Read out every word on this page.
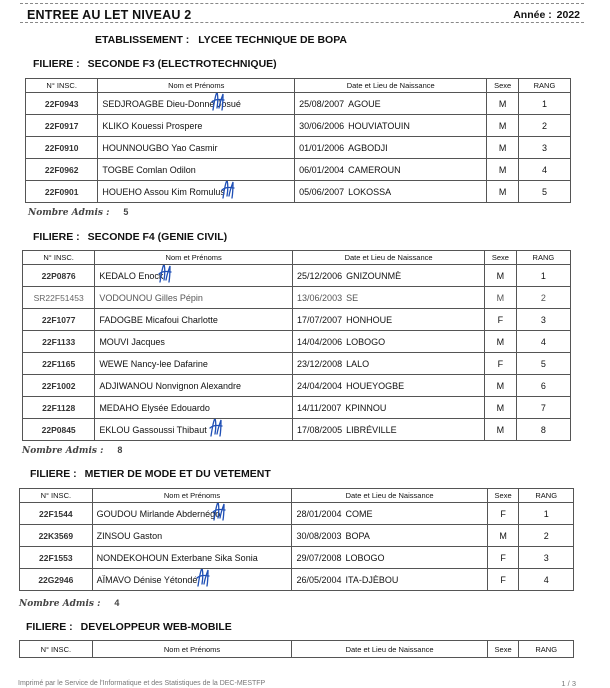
ENTREE AU LET NIVEAU 2	Année : 2022
ETABLISSEMENT : LYCEE TECHNIQUE DE BOPA
FILIERE : SECONDE F3 (ELECTROTECHNIQUE)
N° INSC.	Nom et Prénoms	Date et Lieu de Naissance	Sexe	RANG
22F0943	SEDJROAGBE Dieu-Donné Josué	25/08/2007 AGOUE	M	1
22F0917	KLIKO Kouessi Prospere	30/06/2006 HOUVIATOUIN	M	2
22F0910	HOUNNOUGBO Yao Casmir	01/01/2006 AGBODJI	M	3
22F0962	TOGBE Comlan Odilon	06/01/2004 CAMEROUN	M	4
22F0901	HOUEHO Assou Kim Romulus	05/06/2007 LOKOSSA	M	5
Nombre Admis : 5
FILIERE : SECONDE F4 (GENIE CIVIL)
N° INSC.	Nom et Prénoms	Date et Lieu de Naissance	Sexe	RANG
22P0876	KEDALO Enock	25/12/2006 GNIZOUNMÈ	M	1
SR22F51453	VODOUNOU Gilles Pépin	13/06/2003 SE	M	2
22F1077	FADOGBE Micafoui Charlotte	17/07/2007 HONHOUE	F	3
22F1133	MOUVI Jacques	14/04/2006 LOBOGO	M	4
22F1165	WEWE Nancy-lee Dafarine	23/12/2008 LALO	F	5
22F1002	ADJIWANOU Nonvignon Alexandre	24/04/2004 HOUEYOGBE	M	6
22F1128	MEDAHO Elysée Edouardo	14/11/2007 KPINNOU	M	7
22P0845	EKLOU Gassoussi Thibaut	17/08/2005 LIBRÉVILLE	M	8
Nombre Admis : 8
FILIERE : METIER DE MODE ET DU VETEMENT
N° INSC.	Nom et Prénoms	Date et Lieu de Naissance	Sexe	RANG
22F1544	GOUDOU Mirlande Abdernégo	28/01/2004 COME	F	1
22K3569	ZINSOU Gaston	30/08/2003 BOPA	M	2
22F1553	NONDEKOHOUN Exterbane Sika Sonia	29/07/2008 LOBOGO	F	3
22G2946	AÏMAVO Dénise Yétondé	26/05/2004 ITA-DJÈBOU	F	4
Nombre Admis : 4
FILIERE : DEVELOPPEUR WEB-MOBILE
N° INSC.	Nom et Prénoms	Date et Lieu de Naissance	Sexe	RANG
Imprimé par le Service de l'Informatique et des Statistiques de la DEC-MESTFP	1 / 3
